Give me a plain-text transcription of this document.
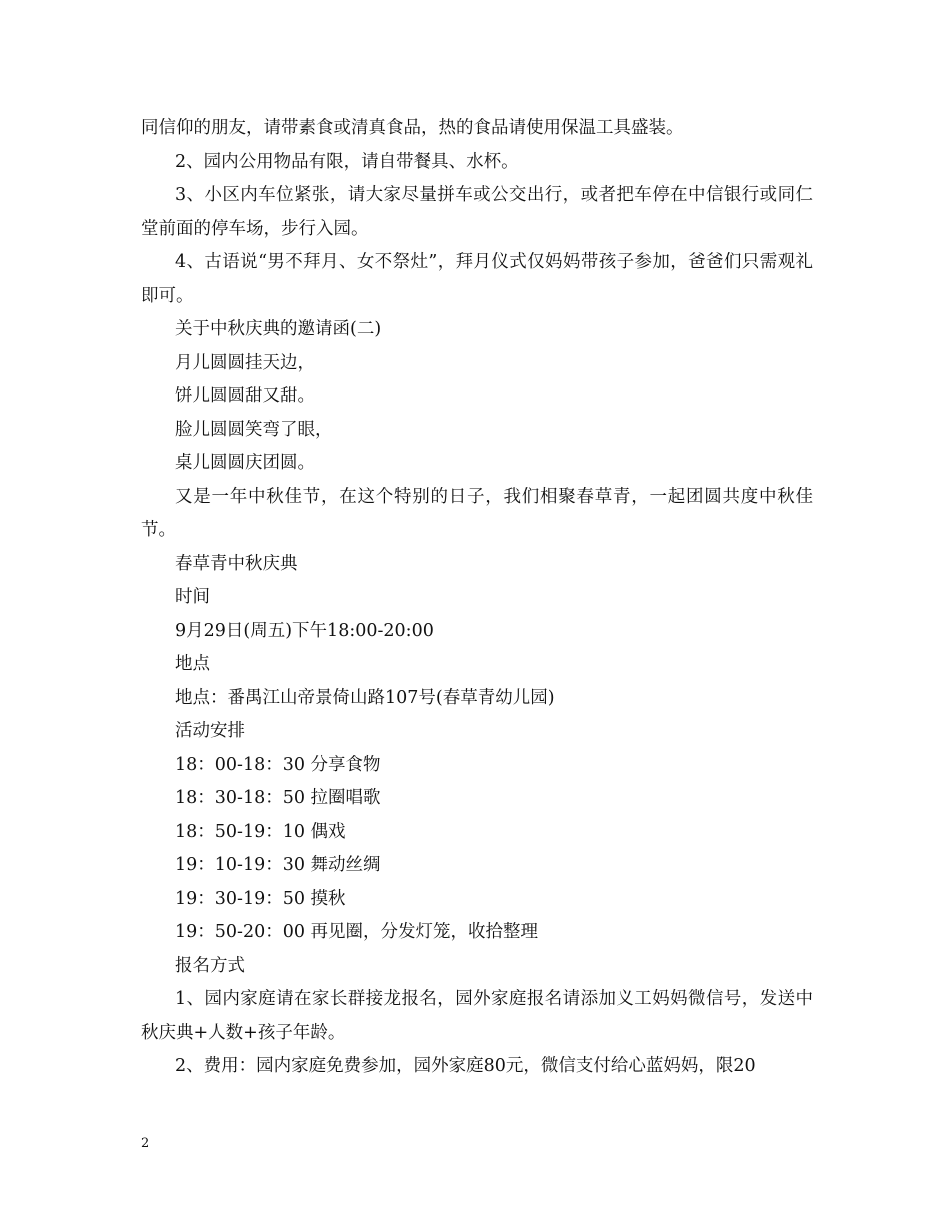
同信仰的朋友，请带素食或清真食品，热的食品请使用保温工具盛装。

2、园内公用物品有限，请自带餐具、水杯。

3、小区内车位紧张，请大家尽量拼车或公交出行，或者把车停在中信银行或同仁堂前面的停车场，步行入园。

4、古语说“男不拜月、女不祭灶”，拜月仪式仅妈妈带孩子参加，爸爸们只需观礼即可。

关于中秋庆典的邀请函(二)

月儿圆圆挂天边，

饼儿圆圆甜又甜。

脸儿圆圆笑弯了眼，

桌儿圆圆庆团圆。

又是一年中秋佳节，在这个特别的日子，我们相聚春草青，一起团圆共度中秋佳节。

春草青中秋庆典

时间

9月29日(周五)下午18:00-20:00

地点

地点：番禺江山帝景倚山路107号(春草青幼儿园)

活动安排

18：00-18：30 分享食物

18：30-18：50 拉圈唱歌

18：50-19：10 偶戏

19：10-19：30 舞动丝绸

19：30-19：50 摸秋

19：50-20：00 再见圈，分发灯笼，收拾整理

报名方式

1、园内家庭请在家长群接龙报名，园外家庭报名请添加义工妈妈微信号，发送中秋庆典+人数+孩子年龄。

2、费用：园内家庭免费参加，园外家庭80元，微信支付给心蓝妈妈，限20

2
